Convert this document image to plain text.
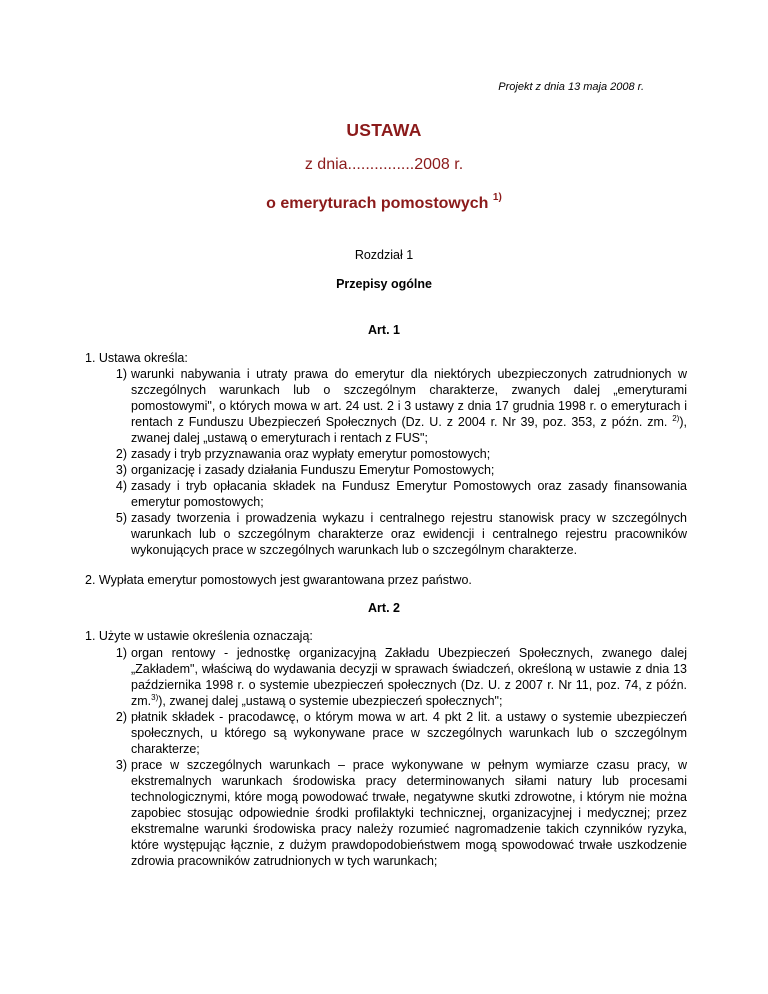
Projekt z dnia 13 maja 2008 r.
USTAWA
z dnia...............2008 r.
o emeryturach pomostowych $^{1)}$
Rozdział 1
Przepisy ogólne
Art. 1
1. Ustawa określa:
1) warunki nabywania i utraty prawa do emerytur dla niektórych ubezpieczonych zatrudnionych w szczególnych warunkach lub o szczególnym charakterze, zwanych dalej „emeryturami pomostowymi", o których mowa w art. 24 ust. 2 i 3 ustawy z dnia 17 grudnia 1998 r. o emeryturach i rentach z Funduszu Ubezpieczeń Społecznych (Dz. U. z 2004 r. Nr 39, poz. 353, z późn. zm. $^{2)}$), zwanej dalej „ustawą o emeryturach i rentach z FUS";
2) zasady i tryb przyznawania oraz wypłaty emerytur pomostowych;
3) organizację i zasady działania Funduszu Emerytur Pomostowych;
4) zasady i tryb opłacania składek na Fundusz Emerytur Pomostowych oraz zasady finansowania emerytur pomostowych;
5) zasady tworzenia i prowadzenia wykazu i centralnego rejestru stanowisk pracy w szczególnych warunkach lub o szczególnym charakterze oraz ewidencji i centralnego rejestru pracowników wykonujących prace w szczególnych warunkach lub o szczególnym charakterze.
2. Wypłata emerytur pomostowych jest gwarantowana przez państwo.
Art. 2
1. Użyte w ustawie określenia oznaczają:
1) organ rentowy - jednostkę organizacyjną Zakładu Ubezpieczeń Społecznych, zwanego dalej „Zakładem", właściwą do wydawania decyzji w sprawach świadczeń, określoną w ustawie z dnia 13 października 1998 r. o systemie ubezpieczeń społecznych (Dz. U. z 2007 r. Nr 11, poz. 74, z późn. zm.$^{3)}$), zwanej dalej „ustawą o systemie ubezpieczeń społecznych";
2) płatnik składek - pracodawcę, o którym mowa w art. 4 pkt 2 lit. a ustawy o systemie ubezpieczeń społecznych, u którego są wykonywane prace w szczególnych warunkach lub o szczególnym charakterze;
3) prace w szczególnych warunkach – prace wykonywane w pełnym wymiarze czasu pracy, w ekstremalnych warunkach środowiska pracy determinowanych siłami natury lub procesami technologicznymi, które mogą powodować trwałe, negatywne skutki zdrowotne, i którym nie można zapobiec stosując odpowiednie środki profilaktyki technicznej, organizacyjnej i medycznej; przez ekstremalne warunki środowiska pracy należy rozumieć nagromadzenie takich czynników ryzyka, które występując łącznie, z dużym prawdopodobieństwem mogą spowodować trwałe uszkodzenie zdrowia pracowników zatrudnionych w tych warunkach;
